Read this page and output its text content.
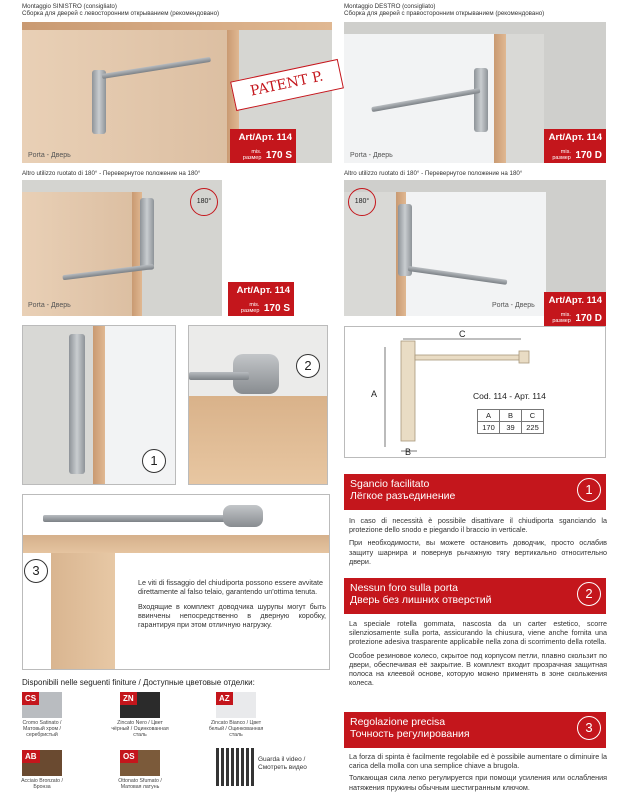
Montaggio SINISTRO (consigliato)
Сборка для дверей с левосторонним открыванием (рекомендовано)
Porta - Дверь
PATENT P.
Art/Арт. 114
mis. размер 170 S
Montaggio DESTRO (consigliato)
Сборка для дверей с правосторонним открыванием (рекомендовано)
Porta - Дверь
Art/Арт. 114
mis. размер 170 D
Altro utilizzo ruotato di 180° - Перевернутое положение на 180°
Porta - Дверь
180°
Art/Арт. 114
mis. размер 170 S
Altro utilizzo ruotato di 180° - Перевернутое положение на 180°
Porta - Дверь
180°
Art/Арт. 114
mis. размер 170 D
1
2
A
B
C
Cod. 114 - Арт. 114
A	B	C
170	39	225
3
Le viti di fissaggio del chiudiporta possono essere avvitate direttamente al falso telaio, garantendo un'ottima tenuta.
Входящие в комплект доводчика шурупы могут быть ввинчены непосредственно в дверную коробку, гарантируя при этом отличную нагрузку.
Sgancio facilitato
Лёгкое разъединение	1
In caso di necessità è possibile disattivare il chiudiporta sganciando la protezione dello snodo e piegando il braccio in verticale.
При необходимости, вы можете остановить доводчик, просто ослабив защиту шарнира и повернув рычажную тягу вертикально относительно двери.
Nessun foro sulla porta
Дверь без лишних отверстий	2
La speciale rotella gommata, nascosta da un carter estetico, scorre silenziosamente sulla porta, assicurando la chiusura, viene anche fornita una protezione adesiva trasparente applicabile nella zona di scorrimento della rotella.
Особое резиновое колесо, скрытое под корпусом петли, плавно скользит по двери, обеспечивая её закрытие. В комплект входит прозрачная защитная полоса на клеевой основе, которую можно применять в зоне скольжения колеса.
Regolazione precisa
Точность регулирования	3
La forza di spinta è facilmente regolabile ed è possibile aumentare o diminuire la carica della molla con una semplice chiave a brugola.
Толкающая сила легко регулируется при помощи усиления или ослабления натяжения пружины обычным шестигранным ключом.
Disponibili nelle seguenti finiture / Доступные цветовые отделки:
CS
Cromo Satinato / Матовый хром / серебристый
ZN
Zincato Nero / Цвет чёрный / Оцинкованная сталь
AZ
Zincato Bianco / Цвет белый / Оцинкованная сталь
AB
Acciaio Bronzato / Бронза
OS
Ottonato Sfumato / Матовая латунь
Guarda il video / Смотреть видео
